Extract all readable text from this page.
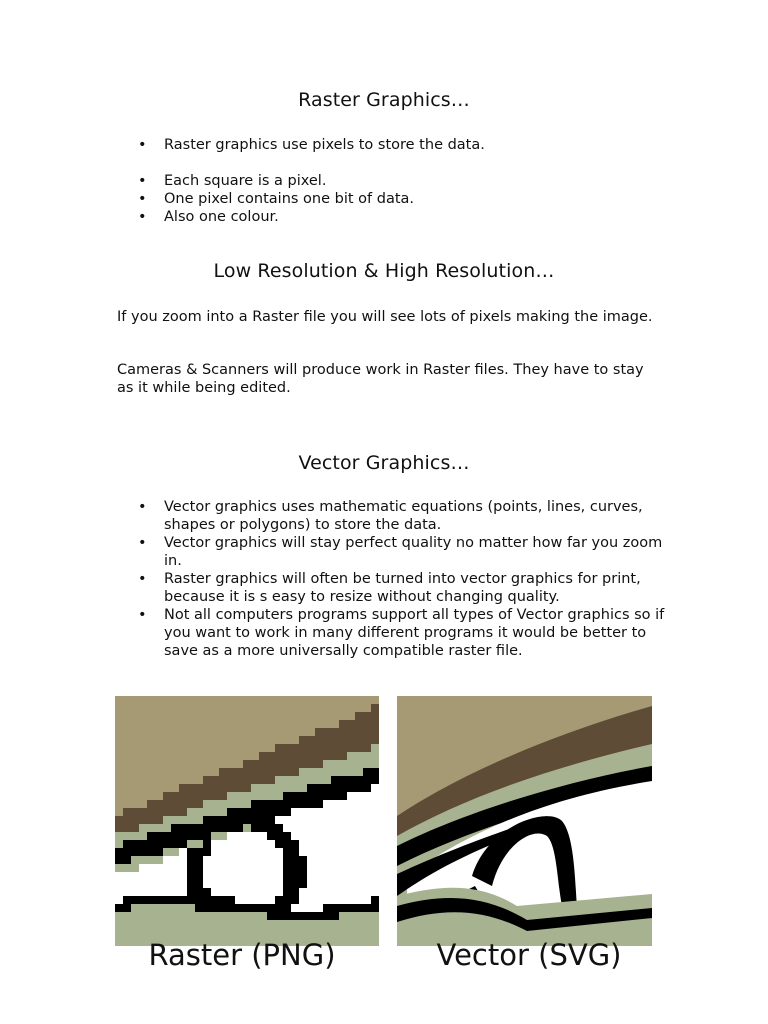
Raster Graphics…
• Raster graphics use pixels to store the data.
• Each square is a pixel.
• One pixel contains one bit of data.
• Also one colour.
Low Resolution & High Resolution…

If you zoom into a Raster file you will see lots of pixels making the image.

Cameras & Scanners will produce work in Raster files. They have to stay as it while being edited.

Vector Graphics…
• Vector graphics uses mathematic equations (points, lines, curves, shapes or polygons) to store the data.
• Vector graphics will stay perfect quality no matter how far you zoom in.
• Raster graphics will often be turned into vector graphics for print, because it is s easy to resize without changing quality.
• Not all computers programs support all types of Vector graphics so if you want to work in many different programs it would be better to save as a more universally compatible raster file.
Raster (PNG)	Vector (SVG)
